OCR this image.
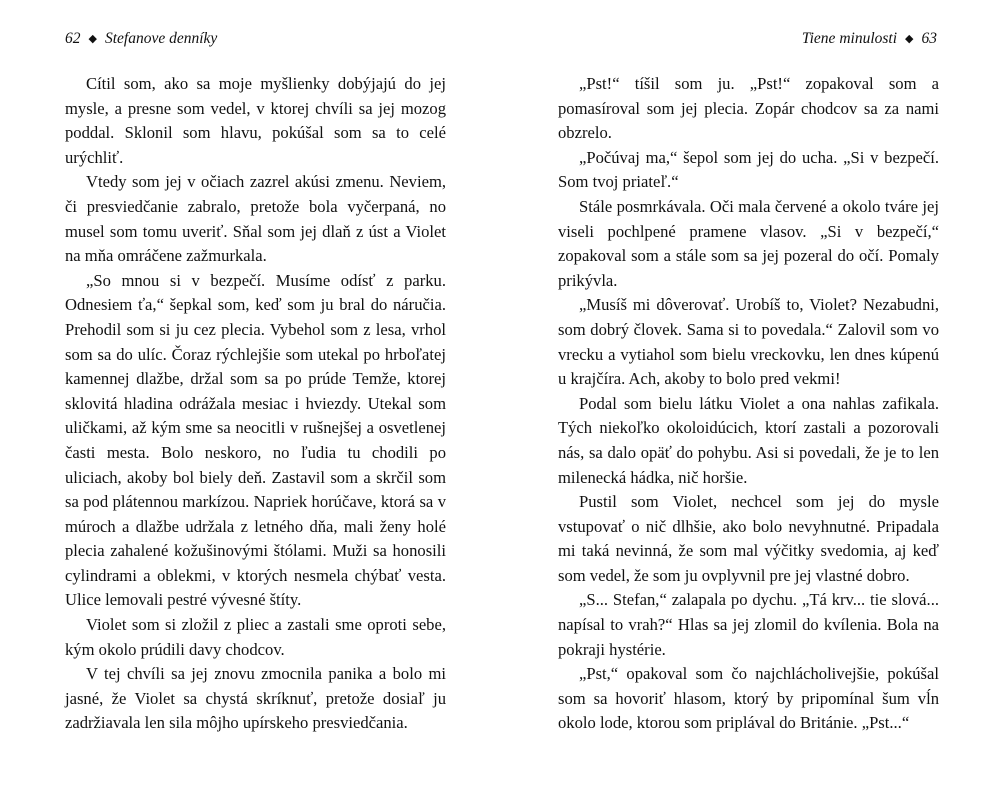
62 ◆ Stefanove denníky

Cítil som, ako sa moje myšlienky dobýjajú do jej mysle, a presne som vedel, v ktorej chvíli sa jej mozog poddal. Sklonil som hlavu, pokúšal som sa to celé urýchliť.

Vtedy som jej v očiach zazrel akúsi zmenu. Neviem, či presviedčanie zabralo, pretože bola vyčerpaná, no musel som tomu uveriť. Sňal som jej dlaň z úst a Violet na mňa omráčene zažmurkala.

„So mnou si v bezpečí. Musíme odísť z parku. Odnesiem ťa,“ šepkal som, keď som ju bral do náručia. Prehodil som si ju cez plecia. Vybehol som z lesa, vrhol som sa do ulíc. Čoraz rýchlejšie som utekal po hrboľatej kamennej dlažbe, držal som sa po prúde Temže, ktorej sklovitá hladina odrážala mesiac i hviezdy. Utekal som uličkami, až kým sme sa neocitli v rušnejšej a osvetlenej časti mesta. Bolo neskoro, no ľudia tu chodili po uliciach, akoby bol biely deň. Zastavil som a skrčil som sa pod plátennou markízou. Napriek horúčave, ktorá sa v múroch a dlažbe udržala z letného dňa, mali ženy holé plecia zahalené kožušinovými štólami. Muži sa honosili cylindrami a oblekmi, v ktorých nesmela chýbať vesta. Ulice lemovali pestré vývesné štíty.

Violet som si zložil z pliec a zastali sme oproti sebe, kým okolo prúdili davy chodcov.

V tej chvíli sa jej znovu zmocnila panika a bolo mi jasné, že Violet sa chystá skríknuť, pretože dosiaľ ju zadržiavala len sila môjho upírskeho presviedčania.

Tiene minulosti ◆ 63

„Pst!“ tíšil som ju. „Pst!“ zopakoval som a pomasíroval som jej plecia. Zopár chodcov sa za nami obzrelo.

„Počúvaj ma,“ šepol som jej do ucha. „Si v bezpečí. Som tvoj priateľ.“

Stále posmrkávala. Oči mala červené a okolo tváre jej viseli pochlpené pramene vlasov. „Si v bezpečí,“ zopakoval som a stále som sa jej pozeral do očí. Pomaly prikývla.

„Musíš mi dôverovať. Urobíš to, Violet? Nezabudni, som dobrý človek. Sama si to povedala.“ Zalovil som vo vrecku a vytiahol som bielu vreckovku, len dnes kúpenú u krajčíra. Ach, akoby to bolo pred vekmi!

Podal som bielu látku Violet a ona nahlas zafikala. Tých niekoľko okoloidúcich, ktorí zastali a pozorovali nás, sa dalo opäť do pohybu. Asi si povedali, že je to len milenecká hádka, nič horšie.

Pustil som Violet, nechcel som jej do mysle vstupovať o nič dlhšie, ako bolo nevyhnutné. Pripadala mi taká nevinná, že som mal výčitky svedomia, aj keď som vedel, že som ju ovplyvnil pre jej vlastné dobro.

„S... Stefan,“ zalapala po dychu. „Tá krv... tie slová... napísal to vrah?“ Hlas sa jej zlomil do kvílenia. Bola na pokraji hystérie.

„Pst,“ opakoval som čo najchlácholivejšie, pokúšal som sa hovoriť hlasom, ktorý by pripomínal šum vĺn okolo lode, ktorou som priplával do Británie. „Pst...“
